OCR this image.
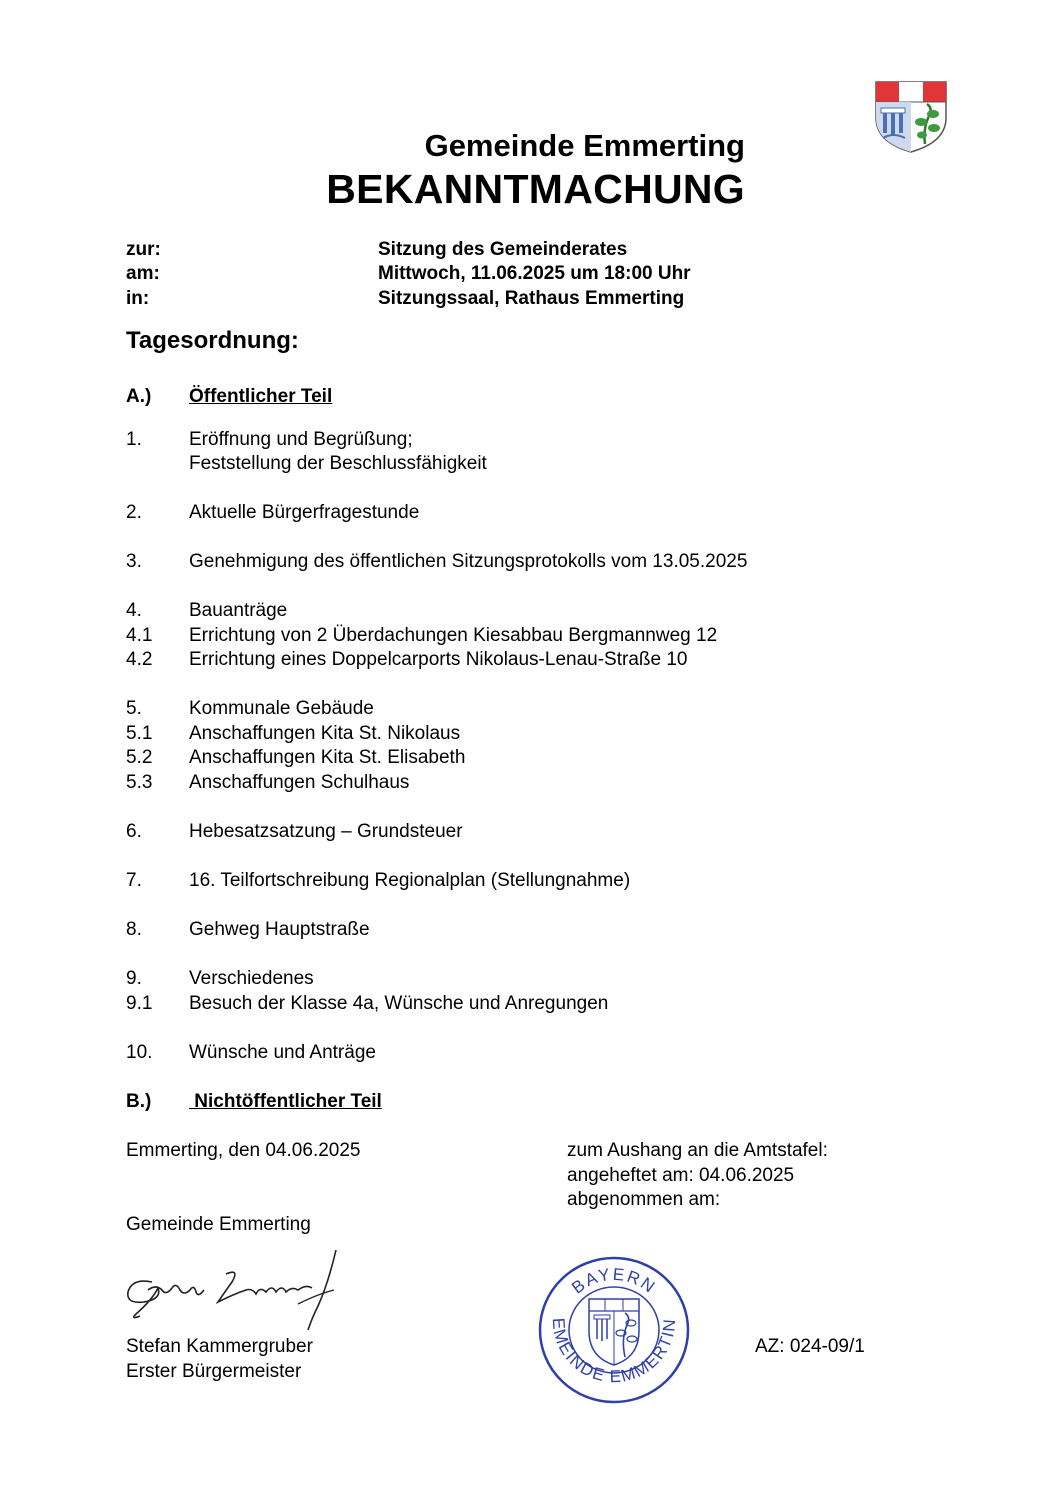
Gemeinde Emmerting
BEKANNTMACHUNG
zur:	Sitzung des Gemeinderates
am:	Mittwoch, 11.06.2025 um 18:00 Uhr
in:	Sitzungssaal, Rathaus Emmerting
Tagesordnung:
A.) Öffentlicher Teil
1. Eröffnung und Begrüßung;
Feststellung der Beschlussfähigkeit
2. Aktuelle Bürgerfragestunde
3. Genehmigung des öffentlichen Sitzungsprotokolls vom 13.05.2025
4. Bauanträge
4.1 Errichtung von 2 Überdachungen Kiesabbau Bergmannweg 12
4.2 Errichtung eines Doppelcarports Nikolaus-Lenau-Straße 10
5. Kommunale Gebäude
5.1 Anschaffungen Kita St. Nikolaus
5.2 Anschaffungen Kita St. Elisabeth
5.3 Anschaffungen Schulhaus
6. Hebesatzsatzung – Grundsteuer
7. 16. Teilfortschreibung Regionalplan (Stellungnahme)
8. Gehweg Hauptstraße
9. Verschiedenes
9.1 Besuch der Klasse 4a, Wünsche und Anregungen
10. Wünsche und Anträge
B.) Nichtöffentlicher Teil
Emmerting, den 04.06.2025	zum Aushang an die Amtstafel:
angeheftet am: 04.06.2025
abgenommen am:
Gemeinde Emmerting
Stefan Kammergruber
Erster Bürgermeister
BAYERN
EMEINDE EMMERTIN
AZ: 024-09/1
